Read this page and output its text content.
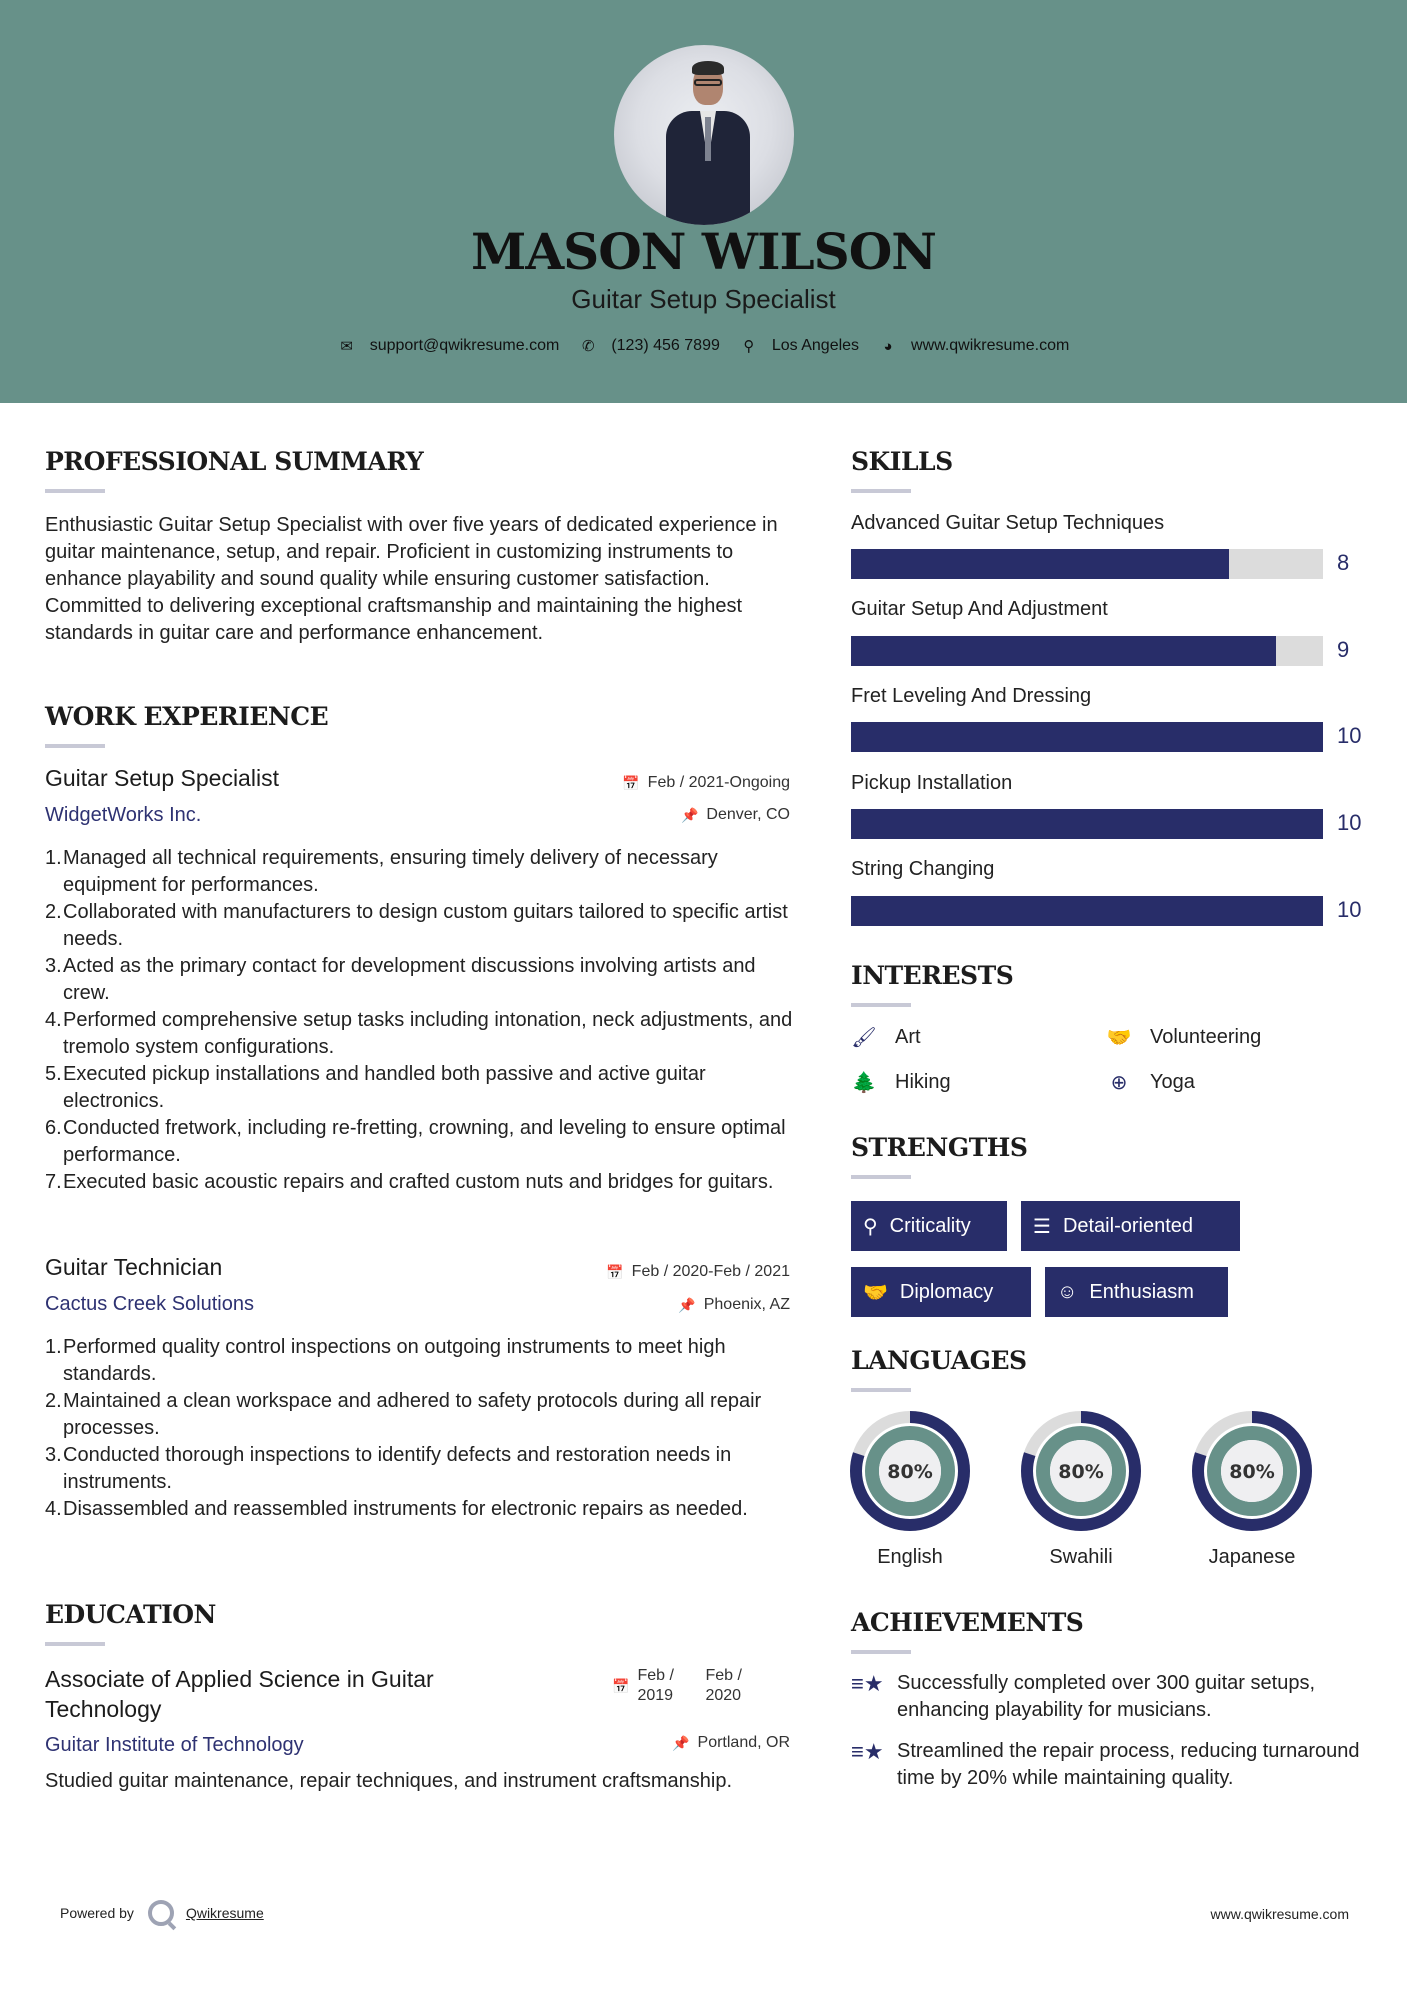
MASON WILSON
Guitar Setup Specialist
✉ support@qwikresume.com ✆ (123) 456 7899 ⚲ Los Angeles ◕ www.qwikresume.com
PROFESSIONAL SUMMARY
Enthusiastic Guitar Setup Specialist with over five years of dedicated experience in guitar maintenance, setup, and repair. Proficient in customizing instruments to enhance playability and sound quality while ensuring customer satisfaction. Committed to delivering exceptional craftsmanship and maintaining the highest standards in guitar care and performance enhancement.
WORK EXPERIENCE
Guitar Setup Specialist	📅 Feb / 2021-Ongoing
WidgetWorks Inc.	📌 Denver, CO
1. Managed all technical requirements, ensuring timely delivery of necessary equipment for performances.
2. Collaborated with manufacturers to design custom guitars tailored to specific artist needs.
3. Acted as the primary contact for development discussions involving artists and crew.
4. Performed comprehensive setup tasks including intonation, neck adjustments, and tremolo system configurations.
5. Executed pickup installations and handled both passive and active guitar electronics.
6. Conducted fretwork, including re-fretting, crowning, and leveling to ensure optimal performance.
7. Executed basic acoustic repairs and crafted custom nuts and bridges for guitars.
Guitar Technician	📅 Feb / 2020-Feb / 2021
Cactus Creek Solutions	📌 Phoenix, AZ
1. Performed quality control inspections on outgoing instruments to meet high standards.
2. Maintained a clean workspace and adhered to safety protocols during all repair processes.
3. Conducted thorough inspections to identify defects and restoration needs in instruments.
4. Disassembled and reassembled instruments for electronic repairs as needed.
EDUCATION
Associate of Applied Science in Guitar Technology
📅
Feb / 2019
Feb / 2020
Guitar Institute of Technology	📌 Portland, OR
Studied guitar maintenance, repair techniques, and instrument craftsmanship.
SKILLS
Advanced Guitar Setup Techniques
8
Guitar Setup And Adjustment
9
Fret Leveling And Dressing
10
Pickup Installation
10
String Changing
10
INTERESTS
🖌 Art	🤝 Volunteering
🌲 Hiking	⊕ Yoga
STRENGTHS
⚲ Criticality	☰ Detail-oriented
🤝 Diplomacy	☺ Enthusiasm
LANGUAGES
80%
English
80%
Swahili
80%
Japanese
ACHIEVEMENTS
≡★ Successfully completed over 300 guitar setups, enhancing playability for musicians.
≡★ Streamlined the repair process, reducing turnaround time by 20% while maintaining quality.
Powered by	Qwikresume	www.qwikresume.com
